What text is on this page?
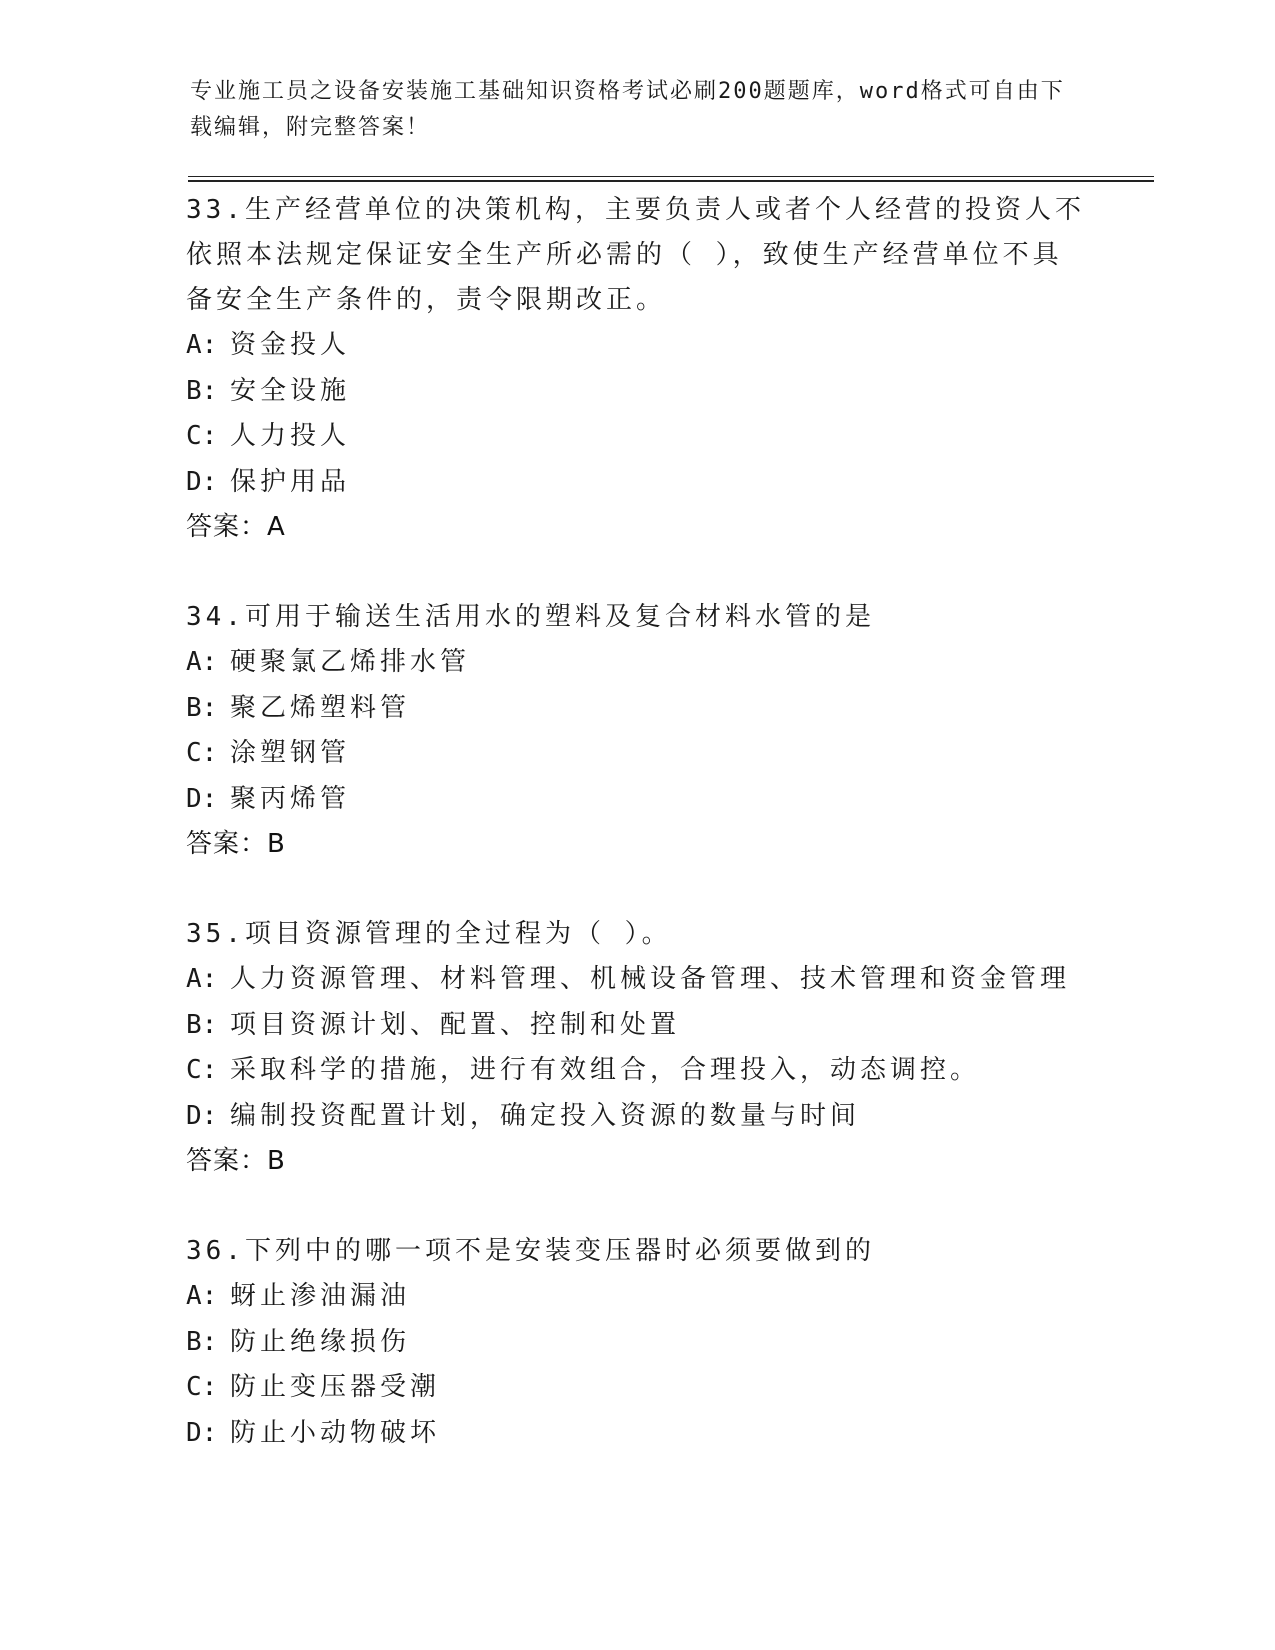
专业施工员之设备安装施工基础知识资格考试必刷200题题库，word格式可自由下载编辑，附完整答案！
33.生产经营单位的决策机构，主要负责人或者个人经营的投资人不依照本法规定保证安全生产所必需的（ ），致使生产经营单位不具备安全生产条件的，责令限期改正。
A: 资金投人
B: 安全设施
C: 人力投人
D: 保护用品
答案：A
34.可用于输送生活用水的塑料及复合材料水管的是
A: 硬聚氯乙烯排水管
B: 聚乙烯塑料管
C: 涂塑钢管
D: 聚丙烯管
答案：B
35.项目资源管理的全过程为（ ）。
A: 人力资源管理、材料管理、机械设备管理、技术管理和资金管理
B: 项目资源计划、配置、控制和处置
C: 采取科学的措施，进行有效组合，合理投入，动态调控。
D: 编制投资配置计划，确定投入资源的数量与时间
答案：B
36.下列中的哪一项不是安装变压器时必须要做到的
A: 蚜止渗油漏油
B: 防止绝缘损伤
C: 防止变压器受潮
D: 防止小动物破坏
